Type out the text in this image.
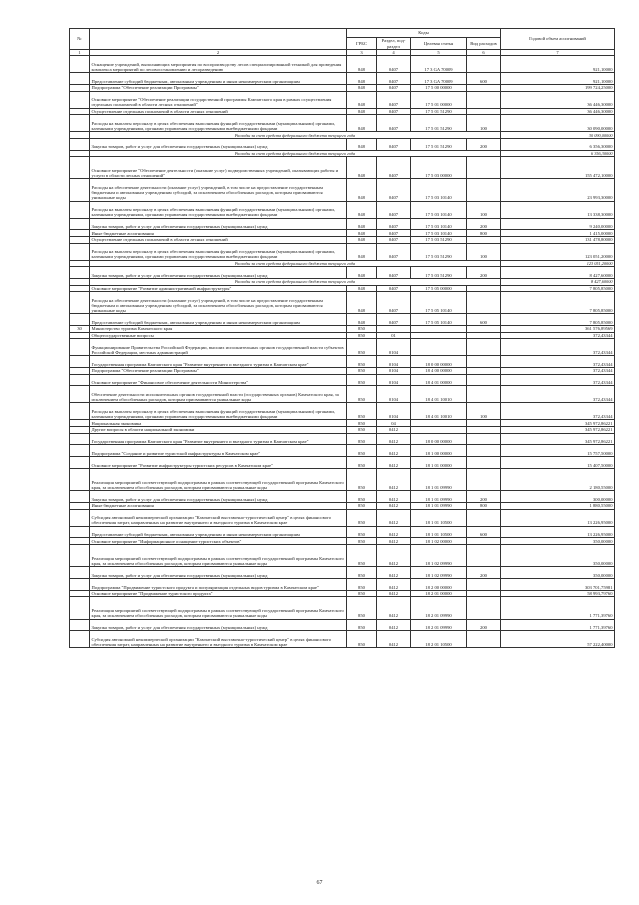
№		Коды				Годовой объем ассигнований
		ГРБС	Раздел, под-раздел	Целевая статья	Вид расходов	
1	2	3	4	5	6	7
	Оснащение учреждений, выполняющих мероприятия по воспроизводству лесов специализированной техникой для проведения комплекса мероприятий по лесовосстановлению и лесоразведению	848	0407	17 3 GA 70009		921,10000
	Предоставление субсидий бюджетным, автономным учреждениям и иным некоммерческим организациям	848	0407	17 3 GA 70009	600	921,10000
	Подпрограмма "Обеспечение реализации Программы"	848	0407	17 5 00 00000		199 724,25000
	Основное мероприятие "Обеспечение реализации государственной программы Камчатского края в рамках осуществления отдельных полномочий в области лесных отношений"	848	0407	17 5 01 00000		36 446,30000
	Осуществление отдельных полномочий в области лесных отношений	848	0407	17 5 01 51290		36 446,30000
	Расходы на выплаты персоналу в целях обеспечения выполнения функций государственными (муниципальными) органами, казенными учреждениями, органами управления государственными внебюджетными фондами	848	0407	17 5 01 51290	100	30 090,00000
	Расходы за счет средств федерального бюджета текущего года					30 090,00000
	Закупка товаров, работ и услуг для обеспечения государственных (муниципальных) нужд	848	0407	17 5 01 51290	200	6 356,30000
	Расходы за счет средств федерального бюджета текущего года					6 356,30000
	Основное мероприятие "Обеспечение деятельности (оказание услуг) подведомственных учреждений, оказывающих работы и услуги в области лесных отношений"	848	0407	17 5 03 00000		155 472,10000
	Расходы на обеспечение деятельности (оказание услуг) учреждений, в том числе на предоставление государственным бюджетным и автономным учреждениям субсидий, за исключением обособленных расходов, которым присваиваются уникальные коды	848	0407	17 5 03 10140		23 993,30000
	Расходы на выплаты персоналу в целях обеспечения выполнения функций государственными (муниципальными) органами, казенными учреждениями, органами управления государственными внебюджетными фондами	848	0407	17 5 03 10140	100	13 338,30000
	Закупка товаров, работ и услуг для обеспечения государственных (муниципальных) нужд	848	0407	17 5 03 10140	200	9 240,00000
	Иные бюджетные ассигнования	848	0407	17 5 03 10140	800	1 415,00000
	Осуществление отдельных полномочий в области лесных отношений	848	0407	17 5 03 51290		131 478,80000
	Расходы на выплаты персоналу в целях обеспечения выполнения функций государственными (муниципальными) органами, казенными учреждениями, органами управления государственными внебюджетными фондами	848	0407	17 5 03 51290	100	123 051,20000
	Расходы за счет средств федерального бюджета текущего года					123 051,20000
	Закупка товаров, работ и услуг для обеспечения государственных (муниципальных) нужд	848	0407	17 5 03 51290	200	8 427,60000
	Расходы за счет средств федерального бюджета текущего года					8 427,60000
	Основное мероприятие "Развитие административной инфраструктуры"	848	0407	17 5 05 00000		7 805,85000
	Расходы на обеспечение деятельности (оказание услуг) учреждений, в том числе на предоставление государственным бюджетным и автономным учреждениям субсидий, за исключением обособленных расходов, которым присваиваются уникальные коды	848	0407	17 5 05 10140		7 805,85000
	Предоставление субсидий бюджетным, автономным учреждениям и иным некоммерческим организациям	848	0407	17 5 05 10140	600	7 805,85000
30	Министерство туризма Камчатского края	850				361 576,89569
	Общегосударственные вопросы	850	01			372,43344
	Функционирование Правительства Российской Федерации, высших исполнительных органов государственной власти субъектов Российской Федерации, местных администраций	850	0104			372,43344
	Государственная программа Камчатского края "Развитие внутреннего и въездного туризма в Камчатском крае"	850	0104	18 0 00 00000		372,43344
	Подпрограмма "Обеспечение реализации Программы"	850	0104	18 4 00 00000		372,43344
	Основное мероприятие "Финансовое обеспечение деятельности Министерства"	850	0104	18 4 01 00000		372,43344
	Обеспечение деятельности исполнительных органов государственной власти (государственных органов) Камчатского края, за исключением обособленных расходов, которым присваиваются уникальные коды	850	0104	18 4 01 10010		372,43344
	Расходы на выплаты персоналу в целях обеспечения выполнения функций государственными (муниципальными) органами, казенными учреждениями, органами управления государственными внебюджетными фондами	850	0104	18 4 01 10010	100	372,43344
	Национальная экономика	850	04			345 972,86221
	Другие вопросы в области национальной экономики	850	0412			345 972,86221
	Государственная программа Камчатского края "Развитие внутреннего и въездного туризма в Камчатском крае"	850	0412	18 0 00 00000		345 972,86221
	Подпрограмма "Создание и развитие туристской инфраструктуры в Камчатском крае"	850	0412	18 1 00 00000		15 757,50000
	Основное мероприятие "Развитие инфраструктуры туристских ресурсов в Камчатском крае"	850	0412	18 1 01 00000		15 407,50000
	Реализация мероприятий соответствующей подпрограммы в рамках соответствующей государственной программы Камчатского края, за исключением обособленных расходов, которым присваиваются уникальные коды	850	0412	18 1 01 09990		2 180,55000
	Закупка товаров, работ и услуг для обеспечения государственных (муниципальных) нужд	850	0412	18 1 01 09990	200	300,00000
	Иные бюджетные ассигнования	850	0412	18 1 01 09990	800	1 880,55000
	Субсидия автономной некоммерческой организации "Камчатский выставочно-туристический центр" в целях финансового обеспечения затрат, направленных на развитие внутреннего и въездного туризма в Камчатском крае	850	0412	18 1 01 10500		13 226,95000
	Предоставление субсидий бюджетным, автономным учреждениям и иным некоммерческим организациям	850	0412	18 1 01 10500	600	13 226,95000
	Основное мероприятие "Информационное оснащение туристских объектов"	850	0412	18 1 02 00000		350,00000
	Реализация мероприятий соответствующей подпрограммы в рамках соответствующей государственной программы Камчатского края, за исключением обособленных расходов, которым присваиваются уникальные коды	850	0412	18 1 02 09990		350,00000
	Закупка товаров, работ и услуг для обеспечения государственных (муниципальных) нужд	850	0412	18 1 02 09990	200	350,00000
	Подпрограмма "Продвижение туристского продукта и популяризация отдельных видов туризма в Камчатском крае"	850	0412	18 2 00 00000		303 701,75981
	Основное мероприятие "Продвижение туристского продукта"	850	0412	18 2 01 00000		58 993,79760
	Реализация мероприятий соответствующей подпрограммы в рамках соответствующей государственной программы Камчатского края, за исключением обособленных расходов, которым присваиваются уникальные коды	850	0412	18 2 01 09990		1 771,39760
	Закупка товаров, работ и услуг для обеспечения государственных (муниципальных) нужд	850	0412	18 2 01 09990	200	1 771,39760
	Субсидия автономной некоммерческой организации "Камчатский выставочно-туристический центр" в целях финансового обеспечения затрат, направленных на развитие внутреннего и въездного туризма в Камчатском крае	850	0412	18 2 01 10500		57 222,40000
67
